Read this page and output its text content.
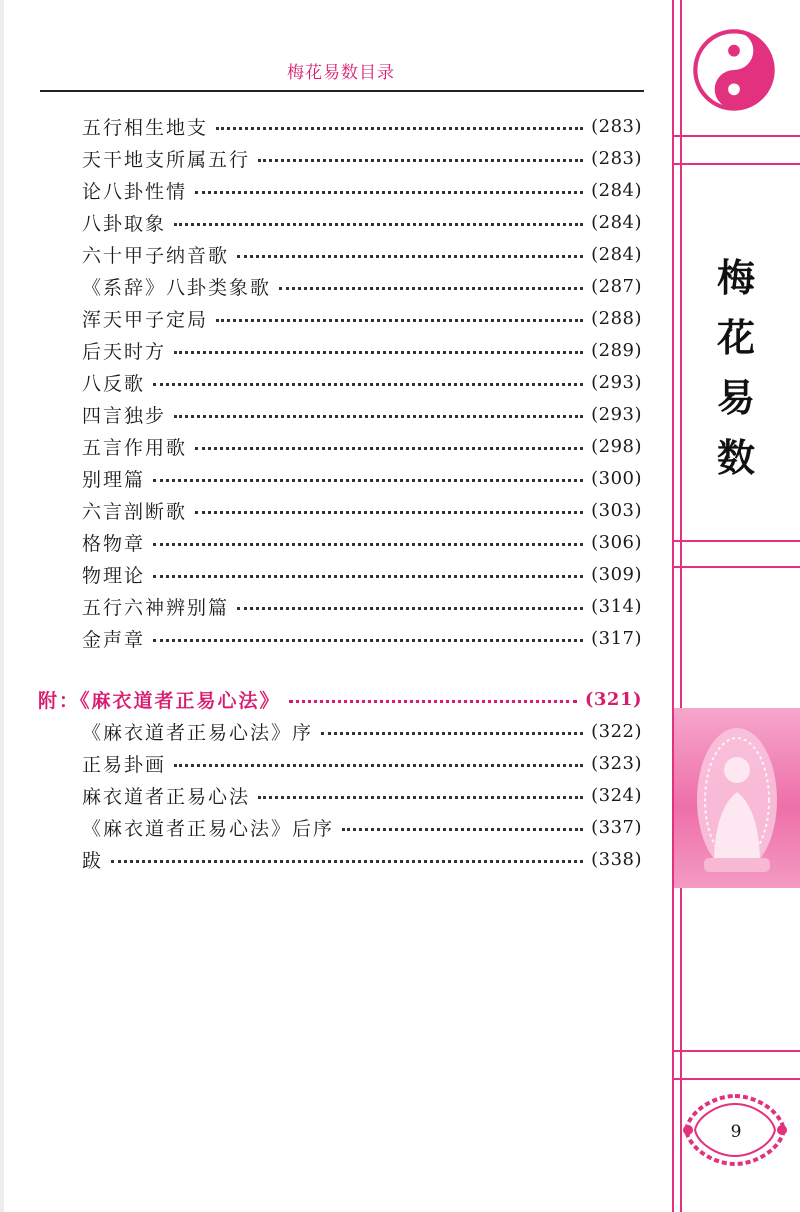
梅花易数目录
五行相生地支	(283)
天干地支所属五行	(283)
论八卦性情	(284)
八卦取象	(284)
六十甲子纳音歌	(284)
《系辞》八卦类象歌	(287)
浑天甲子定局	(288)
后天时方	(289)
八反歌	(293)
四言独步	(293)
五言作用歌	(298)
别理篇	(300)
六言剖断歌	(303)
格物章	(306)
物理论	(309)
五行六神辨别篇	(314)
金声章	(317)
附：《麻衣道者正易心法》	(321)
《麻衣道者正易心法》序	(322)
正易卦画	(323)
麻衣道者正易心法	(324)
《麻衣道者正易心法》后序	(337)
跋	(338)
梅
花
易
数
9
